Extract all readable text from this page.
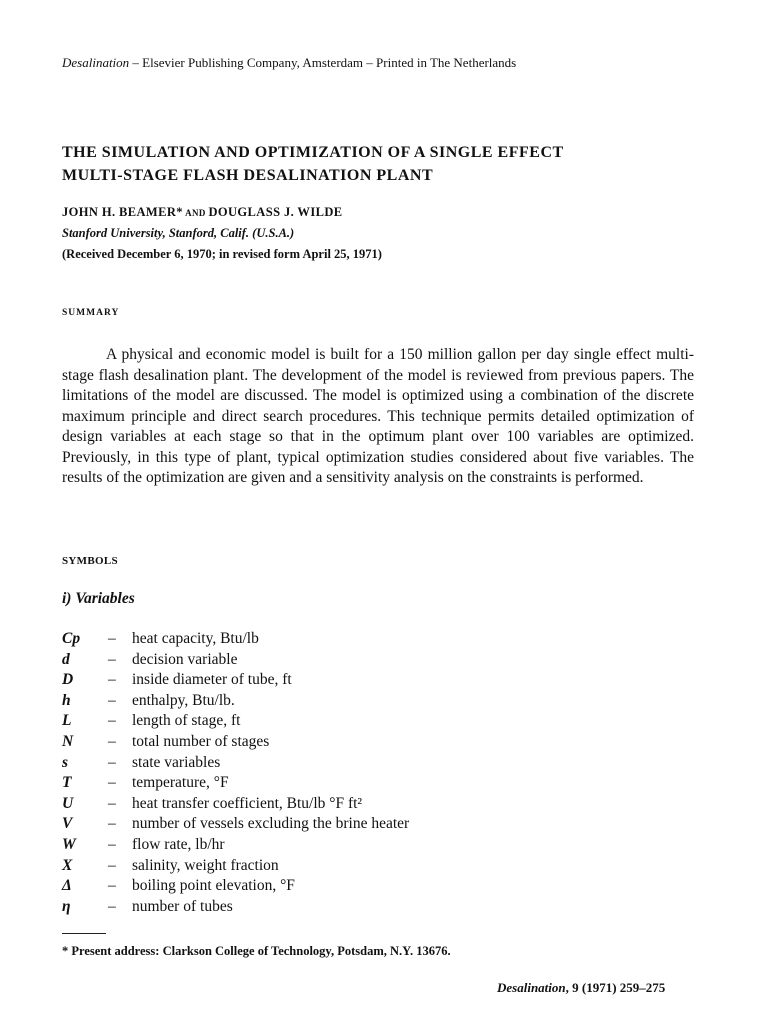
Desalination – Elsevier Publishing Company, Amsterdam – Printed in The Netherlands
THE SIMULATION AND OPTIMIZATION OF A SINGLE EFFECT
MULTI-STAGE FLASH DESALINATION PLANT
JOHN H. BEAMER* AND DOUGLASS J. WILDE
Stanford University, Stanford, Calif. (U.S.A.)
(Received December 6, 1970; in revised form April 25, 1971)
SUMMARY
A physical and economic model is built for a 150 million gallon per day single effect multi-stage flash desalination plant. The development of the model is reviewed from previous papers. The limitations of the model are discussed. The model is optimized using a combination of the discrete maximum principle and direct search procedures. This technique permits detailed optimization of design variables at each stage so that in the optimum plant over 100 variables are optimized. Previously, in this type of plant, typical optimization studies considered about five variables. The results of the optimization are given and a sensitivity analysis on the constraints is performed.
SYMBOLS
i) Variables
Cp	–	heat capacity, Btu/lb
d	–	decision variable
D	–	inside diameter of tube, ft
h	–	enthalpy, Btu/lb.
L	–	length of stage, ft
N	–	total number of stages
s	–	state variables
T	–	temperature, °F
U	–	heat transfer coefficient, Btu/lb °F ft²
V	–	number of vessels excluding the brine heater
W	–	flow rate, lb/hr
X	–	salinity, weight fraction
Δ	–	boiling point elevation, °F
η	–	number of tubes
* Present address: Clarkson College of Technology, Potsdam, N.Y. 13676.
Desalination, 9 (1971) 259–275
